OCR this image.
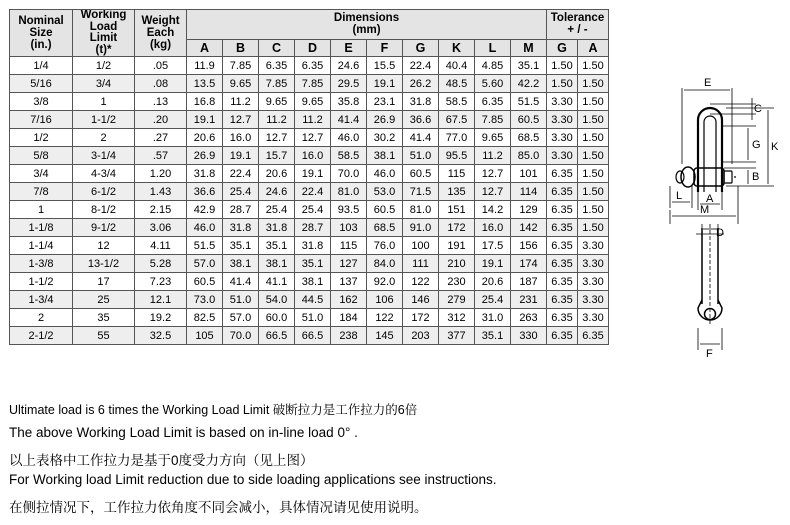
Nominal
Size
(in.)	Working
Load
Limit
(t)*	Weight
Each
(kg)	Dimensions
(mm)										Tolerance
+ / -	
			A	B	C	D	E	F	G	K	L	M	G	A
1/4	1/2	.05	11.9	7.85	6.35	6.35	24.6	15.5	22.4	40.4	4.85	35.1	1.50	1.50
5/16	3/4	.08	13.5	9.65	7.85	7.85	29.5	19.1	26.2	48.5	5.60	42.2	1.50	1.50
3/8	1	.13	16.8	11.2	9.65	9.65	35.8	23.1	31.8	58.5	6.35	51.5	3.30	1.50
7/16	1-1/2	.20	19.1	12.7	11.2	11.2	41.4	26.9	36.6	67.5	7.85	60.5	3.30	1.50
1/2	2	.27	20.6	16.0	12.7	12.7	46.0	30.2	41.4	77.0	9.65	68.5	3.30	1.50
5/8	3-1/4	.57	26.9	19.1	15.7	16.0	58.5	38.1	51.0	95.5	11.2	85.0	3.30	1.50
3/4	4-3/4	1.20	31.8	22.4	20.6	19.1	70.0	46.0	60.5	115	12.7	101	6.35	1.50
7/8	6-1/2	1.43	36.6	25.4	24.6	22.4	81.0	53.0	71.5	135	12.7	114	6.35	1.50
1	8-1/2	2.15	42.9	28.7	25.4	25.4	93.5	60.5	81.0	151	14.2	129	6.35	1.50
1-1/8	9-1/2	3.06	46.0	31.8	31.8	28.7	103	68.5	91.0	172	16.0	142	6.35	1.50
1-1/4	12	4.11	51.5	35.1	35.1	31.8	115	76.0	100	191	17.5	156	6.35	3.30
1-3/8	13-1/2	5.28	57.0	38.1	38.1	35.1	127	84.0	111	210	19.1	174	6.35	3.30
1-1/2	17	7.23	60.5	41.4	41.1	38.1	137	92.0	122	230	20.6	187	6.35	3.30
1-3/4	25	12.1	73.0	51.0	54.0	44.5	162	106	146	279	25.4	231	6.35	3.30
2	35	19.2	82.5	57.0	60.0	51.0	184	122	172	312	31.0	263	6.35	3.30
2-1/2	55	32.5	105	70.0	66.5	66.5	238	145	203	377	35.1	330	6.35	6.35
E
C
G K
B
L A
M
D
F
Ultimate load is 6 times the Working Load Limit 破断拉力是工作拉力的6倍
The above Working Load Limit is based on in-line load 0° .
以上表格中工作拉力是基于0度受力方向（见上图）
For Working load Limit reduction due to side loading applications see instructions.
在侧拉情况下，工作拉力依角度不同会减小，具体情况请见使用说明。
